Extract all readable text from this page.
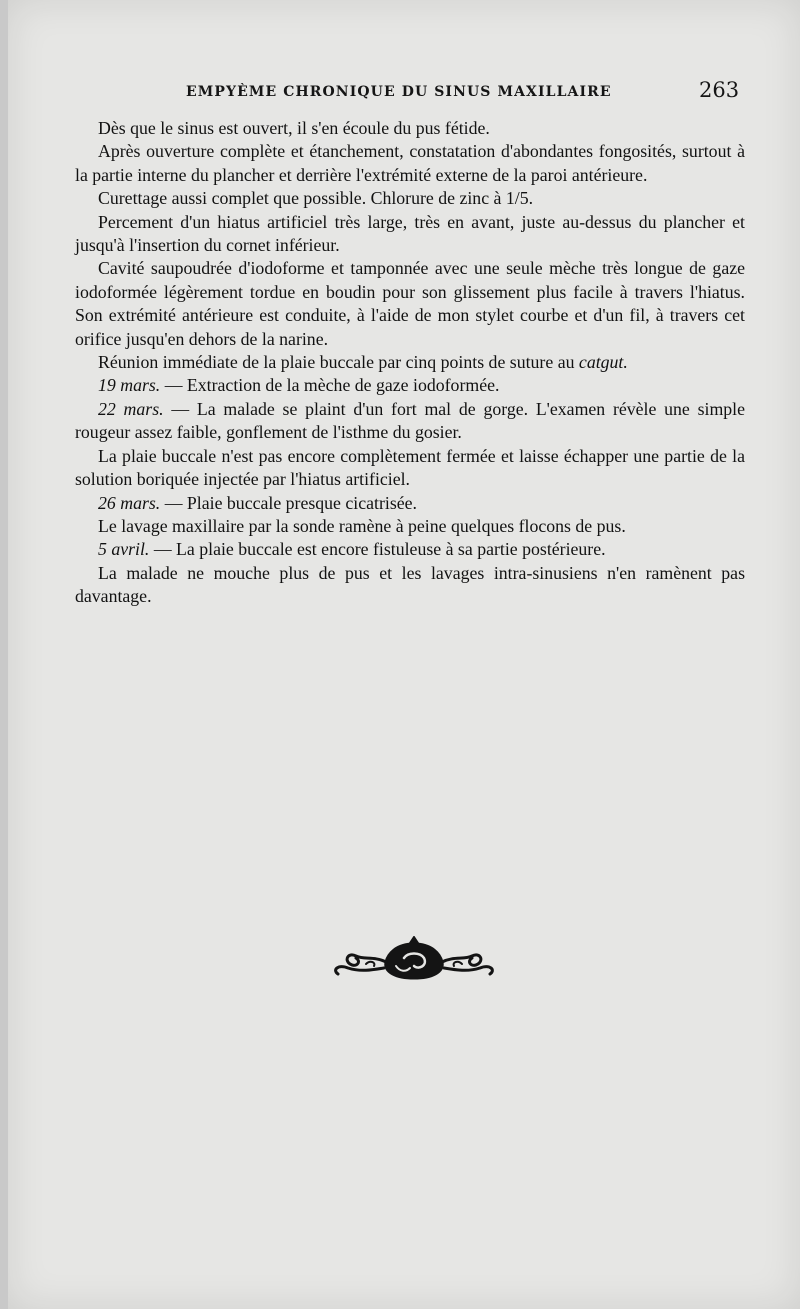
EMPYÈME CHRONIQUE DU SINUS MAXILLAIRE	263

Dès que le sinus est ouvert, il s'en écoule du pus fétide.

Après ouverture complète et étanchement, constatation d'abondantes fongosités, surtout à la partie interne du plancher et derrière l'extrémité externe de la paroi antérieure.

Curettage aussi complet que possible. Chlorure de zinc à 1/5.

Percement d'un hiatus artificiel très large, très en avant, juste au-dessus du plancher et jusqu'à l'insertion du cornet inférieur.

Cavité saupoudrée d'iodoforme et tamponnée avec une seule mèche très longue de gaze iodoformée légèrement tordue en boudin pour son glissement plus facile à travers l'hiatus. Son extrémité antérieure est conduite, à l'aide de mon stylet courbe et d'un fil, à travers cet orifice jusqu'en dehors de la narine.

Réunion immédiate de la plaie buccale par cinq points de suture au catgut.

19 mars. — Extraction de la mèche de gaze iodoformée.

22 mars. — La malade se plaint d'un fort mal de gorge. L'examen révèle une simple rougeur assez faible, gonflement de l'isthme du gosier.

La plaie buccale n'est pas encore complètement fermée et laisse échapper une partie de la solution boriquée injectée par l'hiatus artificiel.

26 mars. — Plaie buccale presque cicatrisée.

Le lavage maxillaire par la sonde ramène à peine quelques flocons de pus.

5 avril. — La plaie buccale est encore fistuleuse à sa partie postérieure.

La malade ne mouche plus de pus et les lavages intra-sinusiens n'en ramènent pas davantage.
